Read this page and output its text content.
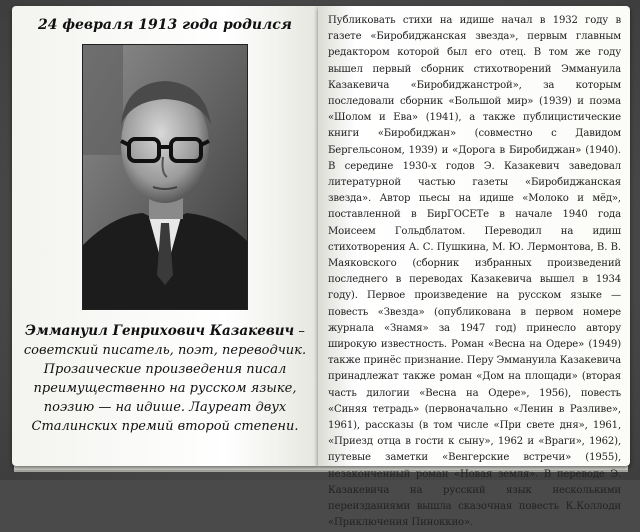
24 февраля 1913 года родился
Эммануил Генрихович Казакевич – советский писатель, поэт, переводчик. Прозаические произведения писал преимущественно на русском языке, поэзию — на идише. Лауреат двух Сталинских премий второй степени.
Публиковать стихи на идише начал в 1932 году в газете «Биробиджанская звезда», первым главным редактором которой был его отец. В том же году вышел первый сборник стихотворений Эммануила Казакевича «Биробиджанстрой», за которым последовали сборник «Большой мир» (1939) и поэма «Шолом и Ева» (1941), а также публицистические книги «Биробиджан» (совместно с Давидом Бергельсоном, 1939) и «Дорога в Биробиджан» (1940). В середине 1930-х годов Э. Казакевич заведовал литературной частью газеты «Биробиджанская звезда». Автор пьесы на идише «Молоко и мёд», поставленной в БирГОСЕТе в начале 1940 года Моисеем Гольдблатом. Переводил на идиш стихотворения А. С. Пушкина, М. Ю. Лермонтова, В. В. Маяковского (сборник избранных произведений последнего в переводах Казакевича вышел в 1934 году). Первое произведение на русском языке — повесть «Звезда» (опубликована в первом номере журнала «Знамя» за 1947 год) принесло автору широкую известность. Роман «Весна на Одере» (1949) также принёс признание. Перу Эммануила Казакевича принадлежат также роман «Дом на площади» (вторая часть дилогии «Весна на Одере», 1956), повесть «Синяя тетрадь» (первоначально «Ленин в Разливе», 1961), рассказы (в том числе «При свете дня», 1961, «Приезд отца в гости к сыну», 1962 и «Враги», 1962), путевые заметки «Венгерские встречи» (1955), незаконченный роман «Новая земля». В переводе Э. Казакевича на русский язык несколькими переизданиями вышла сказочная повесть К.Коллоди «Приключения Пиноккио».
